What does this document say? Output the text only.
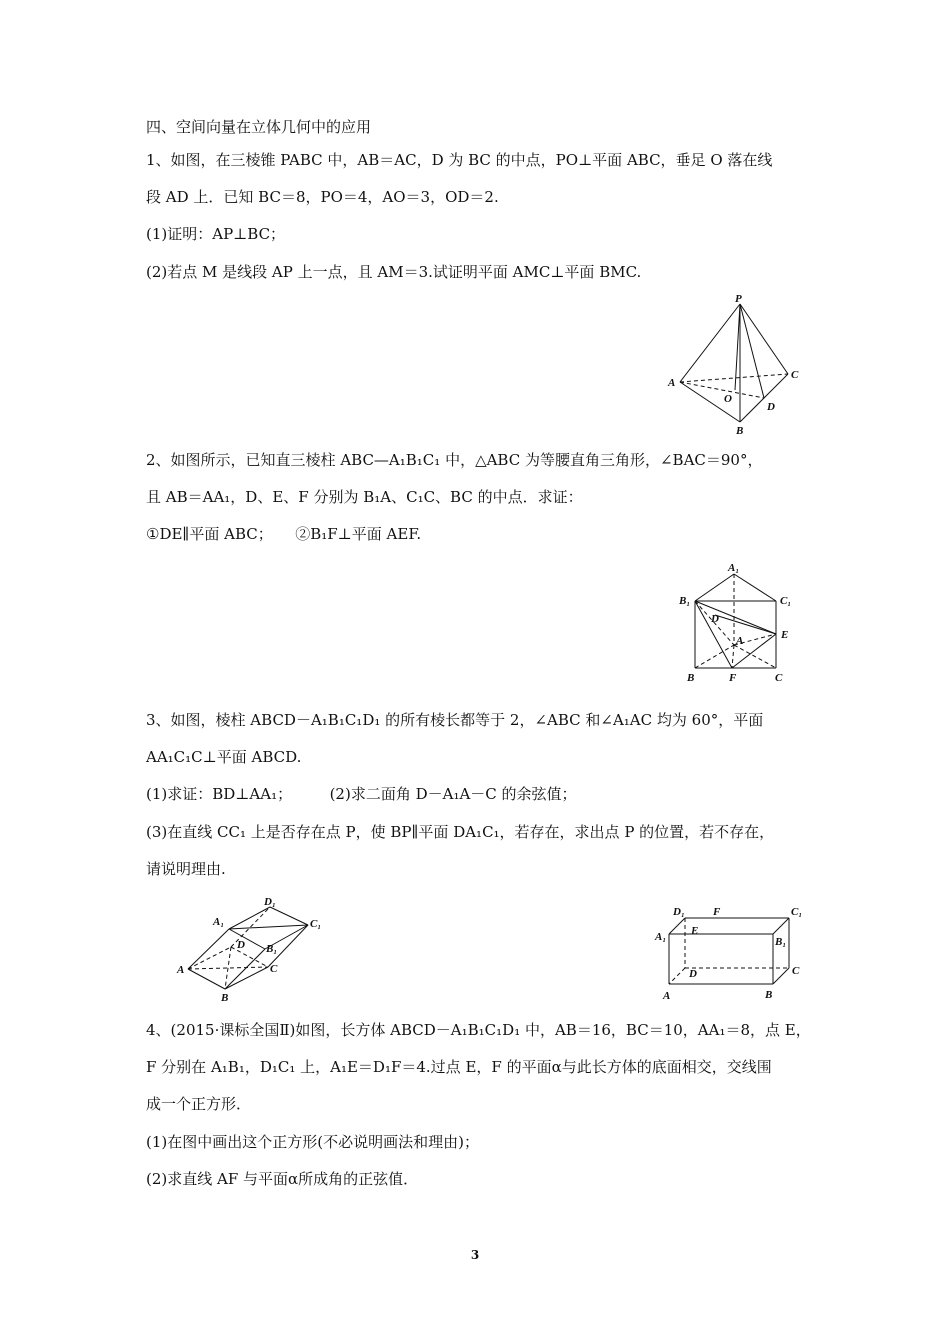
四、空间向量在立体几何中的应用
1、如图，在三棱锥 PABC 中，AB＝AC，D 为 BC 的中点，PO⊥平面 ABC，垂足 O 落在线
段 AD 上．已知 BC＝8，PO＝4，AO＝3，OD＝2.
(1)证明：AP⊥BC；
(2)若点 M 是线段 AP 上一点，且 AM＝3.试证明平面 AMC⊥平面 BMC.
P
A
C
O
D
B
2、如图所示，已知直三棱柱 ABC—A₁B₁C₁ 中，△ABC 为等腰直角三角形，∠BAC＝90°，
且 AB＝AA₁，D、E、F 分别为 B₁A、C₁C、BC 的中点．求证：
①DE∥平面 ABC；　　②B₁F⊥平面 AEF.
A₁
B₁	C₁
D
E
A
B	F	C
3、如图，棱柱 ABCD－A₁B₁C₁D₁ 的所有棱长都等于 2，∠ABC 和∠A₁AC 均为 60°，平面
AA₁C₁C⊥平面 ABCD.
(1)求证：BD⊥AA₁；　　　(2)求二面角 D－A₁A－C 的余弦值；
(3)在直线 CC₁ 上是否存在点 P，使 BP∥平面 DA₁C₁，若存在，求出点 P 的位置，若不存在，
请说明理由.
D₁
A₁	C₁
D B₁
A	C
B
D₁	F	C₁
A₁ E
B₁
D	C
A	B
4、(2015·课标全国Ⅱ)如图，长方体 ABCD－A₁B₁C₁D₁ 中，AB＝16，BC＝10，AA₁＝8，点 E，
F 分别在 A₁B₁，D₁C₁ 上，A₁E＝D₁F＝4.过点 E，F 的平面α与此长方体的底面相交，交线围
成一个正方形．
(1)在图中画出这个正方形(不必说明画法和理由)；
(2)求直线 AF 与平面α所成角的正弦值．
3
